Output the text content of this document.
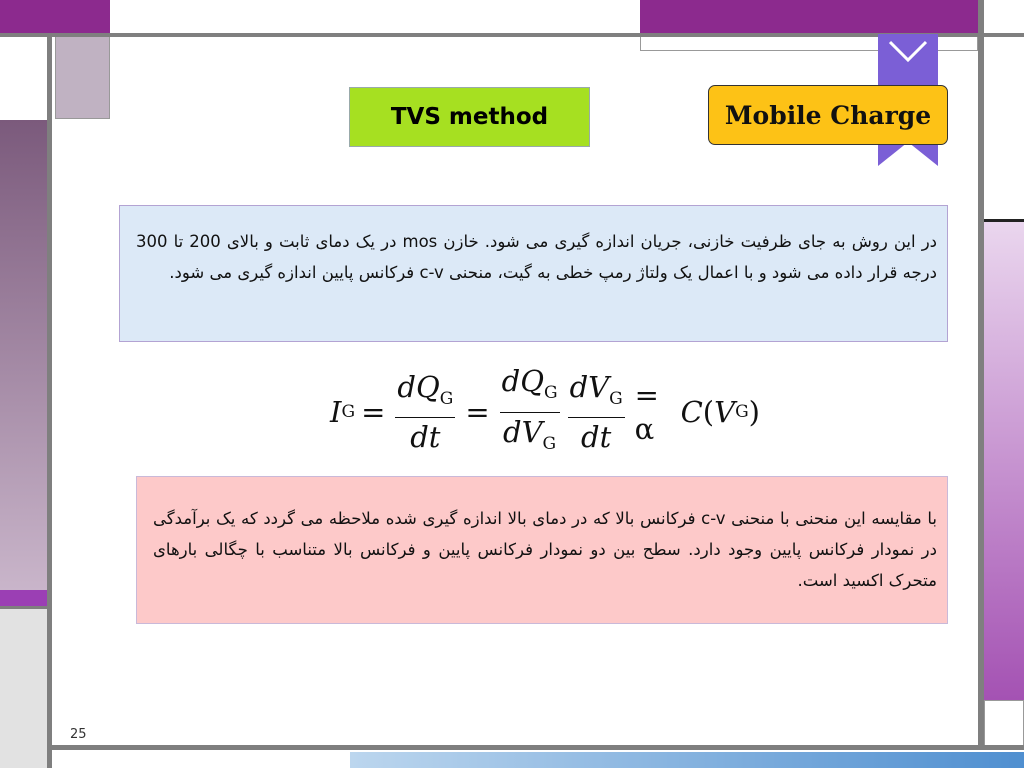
TVS method	Mobile Charge
در این روش به جای ظرفیت خازنی، جریان اندازه گیری می شود. خازن mos در یک دمای ثابت و بالای 200 تا 300 درجه قرار داده می شود و با اعمال یک ولتاژ رمپ خطی به گیت، منحنی c-v فرکانس پایین اندازه گیری می شود.
I $G = \frac{dQ_G}{dt} = \frac{dQ_G}{dV_G} \frac{dV_G}{dt} = \alpha$ C ( V G )
با مقایسه این منحنی با منحنی c-v فرکانس بالا که در دمای بالا اندازه گیری شده ملاحظه می گردد که یک برآمدگی در نمودار فرکانس پایین وجود دارد. سطح بین دو نمودار فرکانس پایین و فرکانس بالا متناسب با چگالی بارهای متحرک اکسید است.
25
